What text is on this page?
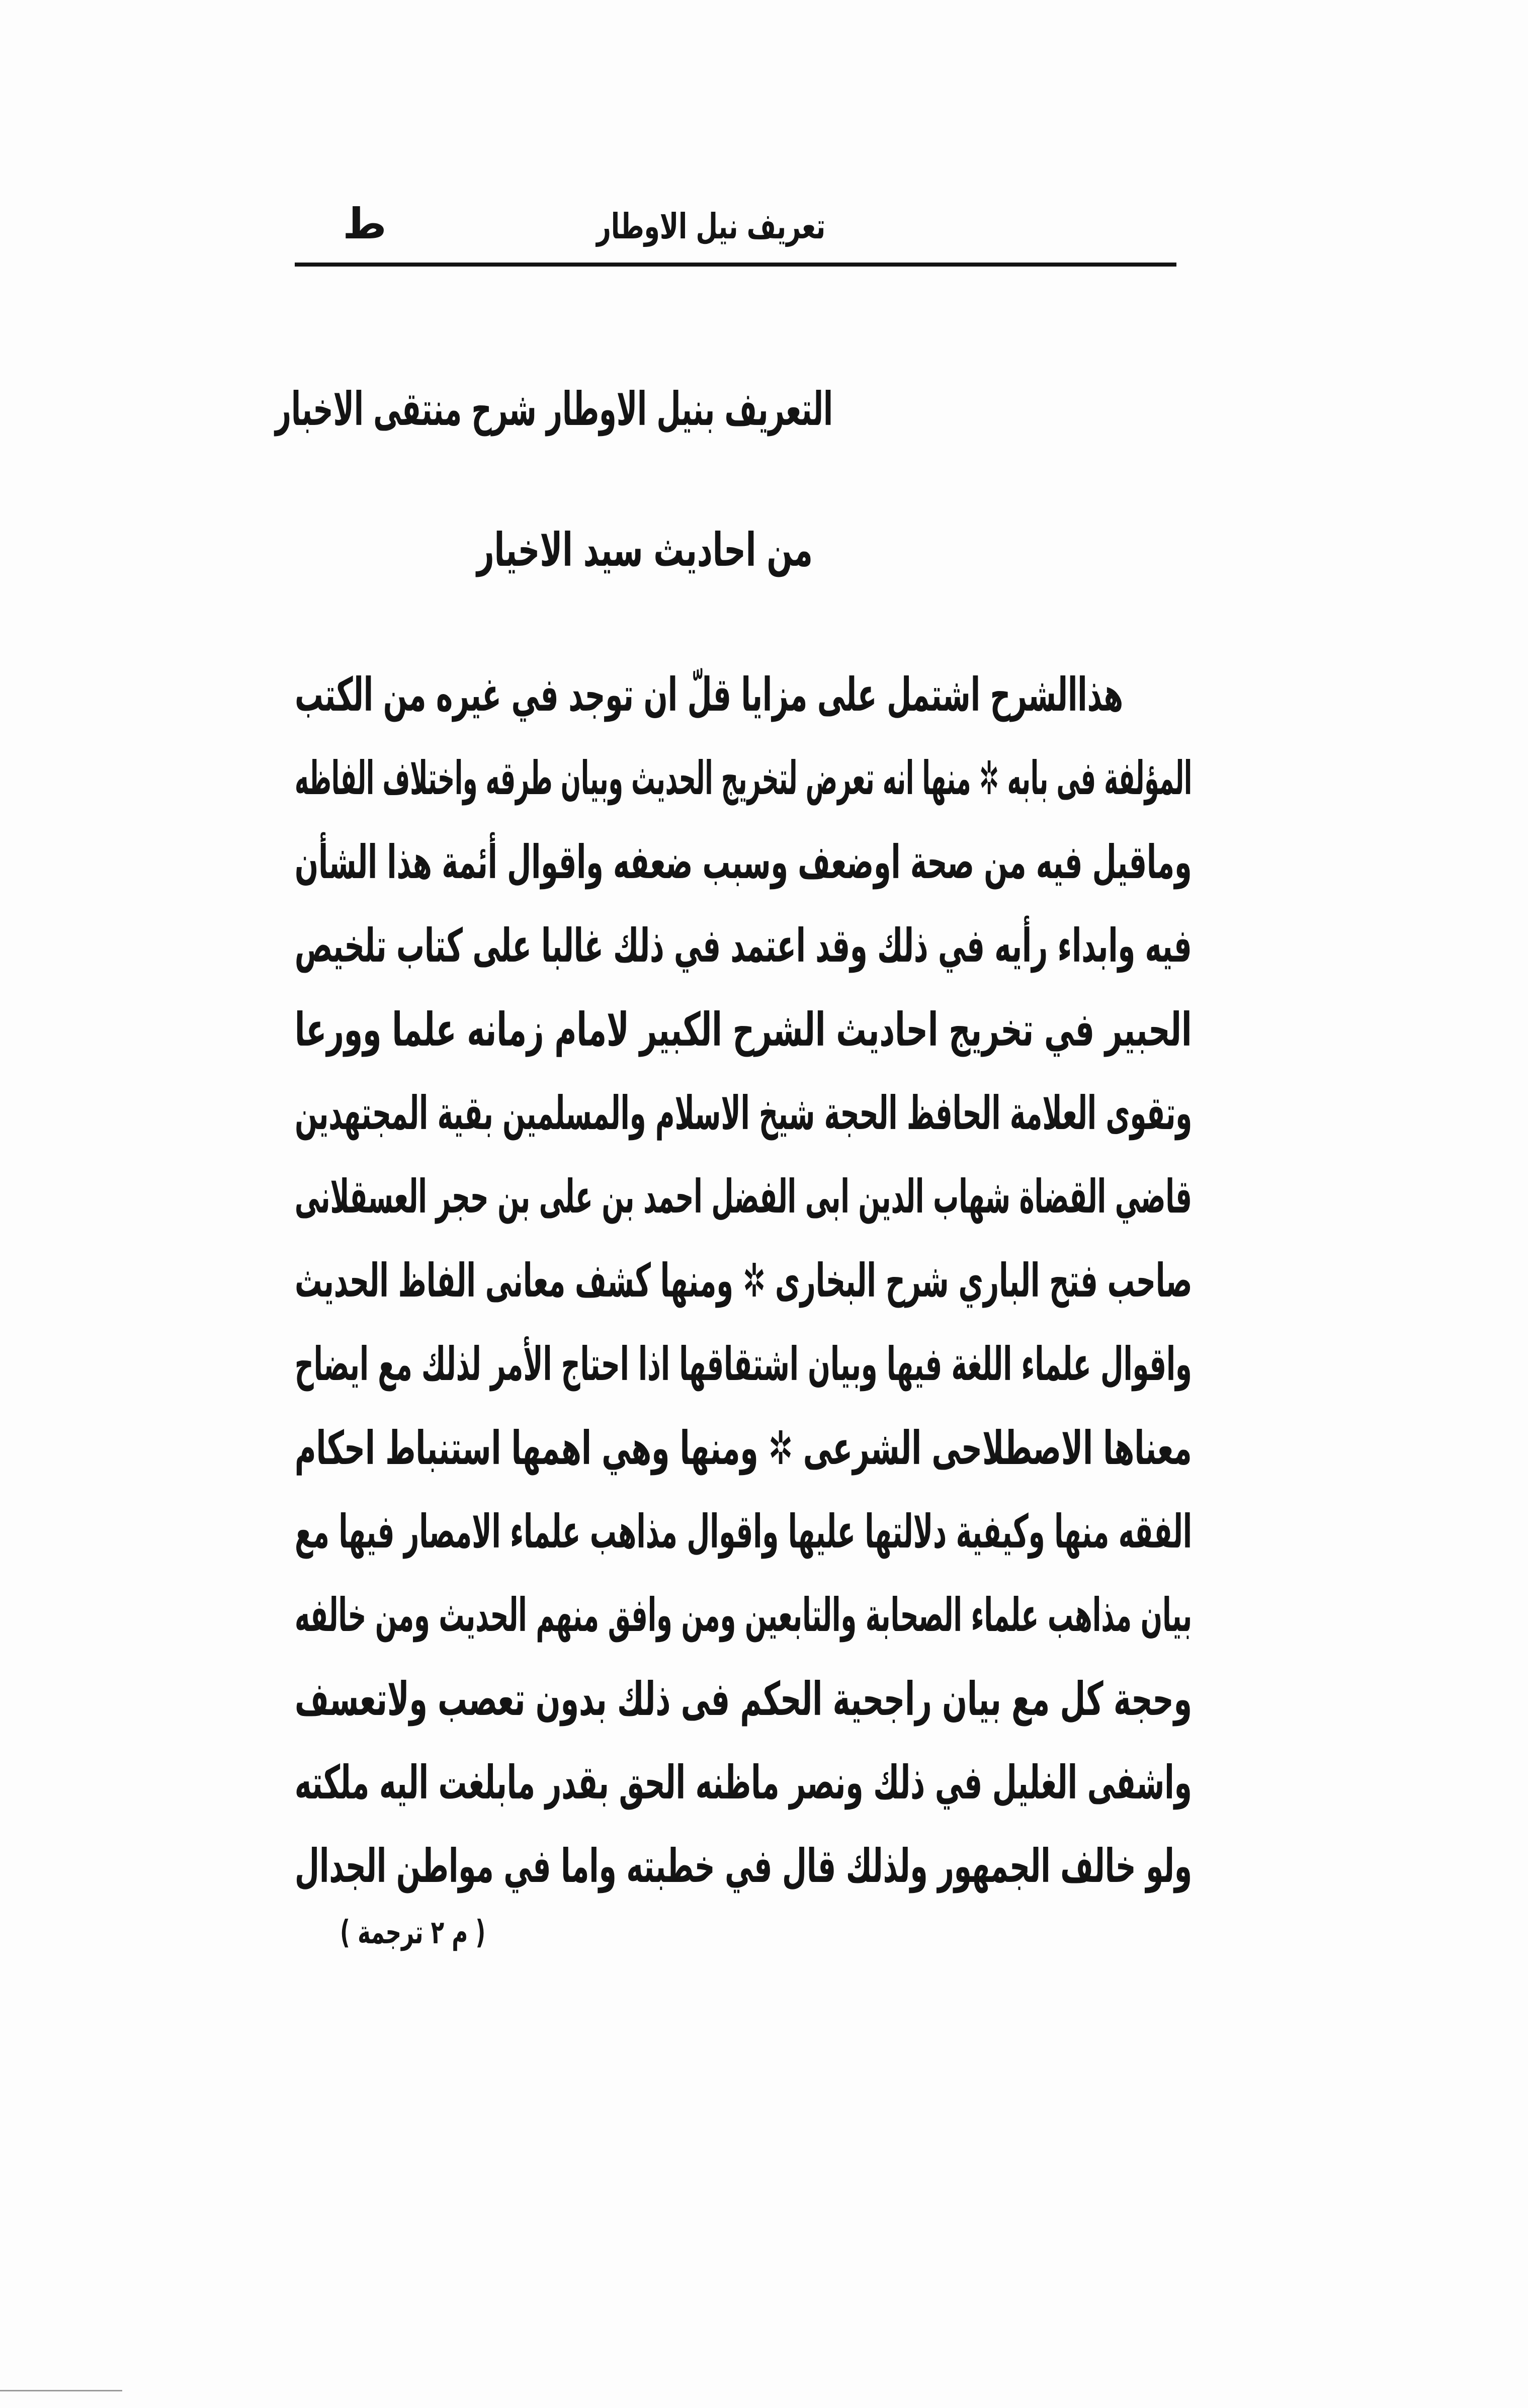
تعريف نيل الاوطار
ط
التعريف بنيل الاوطار شرح منتقى الاخبار
من احاديث سيد الاخيار
هذاالشرح اشتمل على مزايا قلّ ان توجد في غيره من الكتب
المؤلفة فى بابه ✲ منها انه تعرض لتخريج الحديث وبيان طرقه واختلاف الفاظه
وماقيل فيه من صحة اوضعف وسبب ضعفه واقوال أئمة هذا الشأن
فيه وابداء رأيه في ذلك وقد اعتمد في ذلك غالبا على كتاب تلخيص
الحبير في تخريج احاديث الشرح الكبير لامام زمانه علما وورعا
وتقوى العلامة الحافظ الحجة شيخ الاسلام والمسلمين بقية المجتهدين
قاضي القضاة شهاب الدين ابى الفضل احمد بن على بن حجر العسقلانى
صاحب فتح الباري شرح البخارى ✲ ومنها كشف معانى الفاظ الحديث
واقوال علماء اللغة فيها وبيان اشتقاقها اذا احتاج الأمر لذلك مع ايضاح
معناها الاصطلاحى الشرعى ✲ ومنها وهي اهمها استنباط احكام
الفقه منها وكيفية دلالتها عليها واقوال مذاهب علماء الامصار فيها مع
بيان مذاهب علماء الصحابة والتابعين ومن وافق منهم الحديث ومن خالفه
وحجة كل مع بيان راجحية الحكم فى ذلك بدون تعصب ولاتعسف
واشفى الغليل في ذلك ونصر ماظنه الحق بقدر مابلغت اليه ملكته
ولو خالف الجمهور ولذلك قال في خطبته واما في مواطن الجدال
( م ٢ ترجمة )
